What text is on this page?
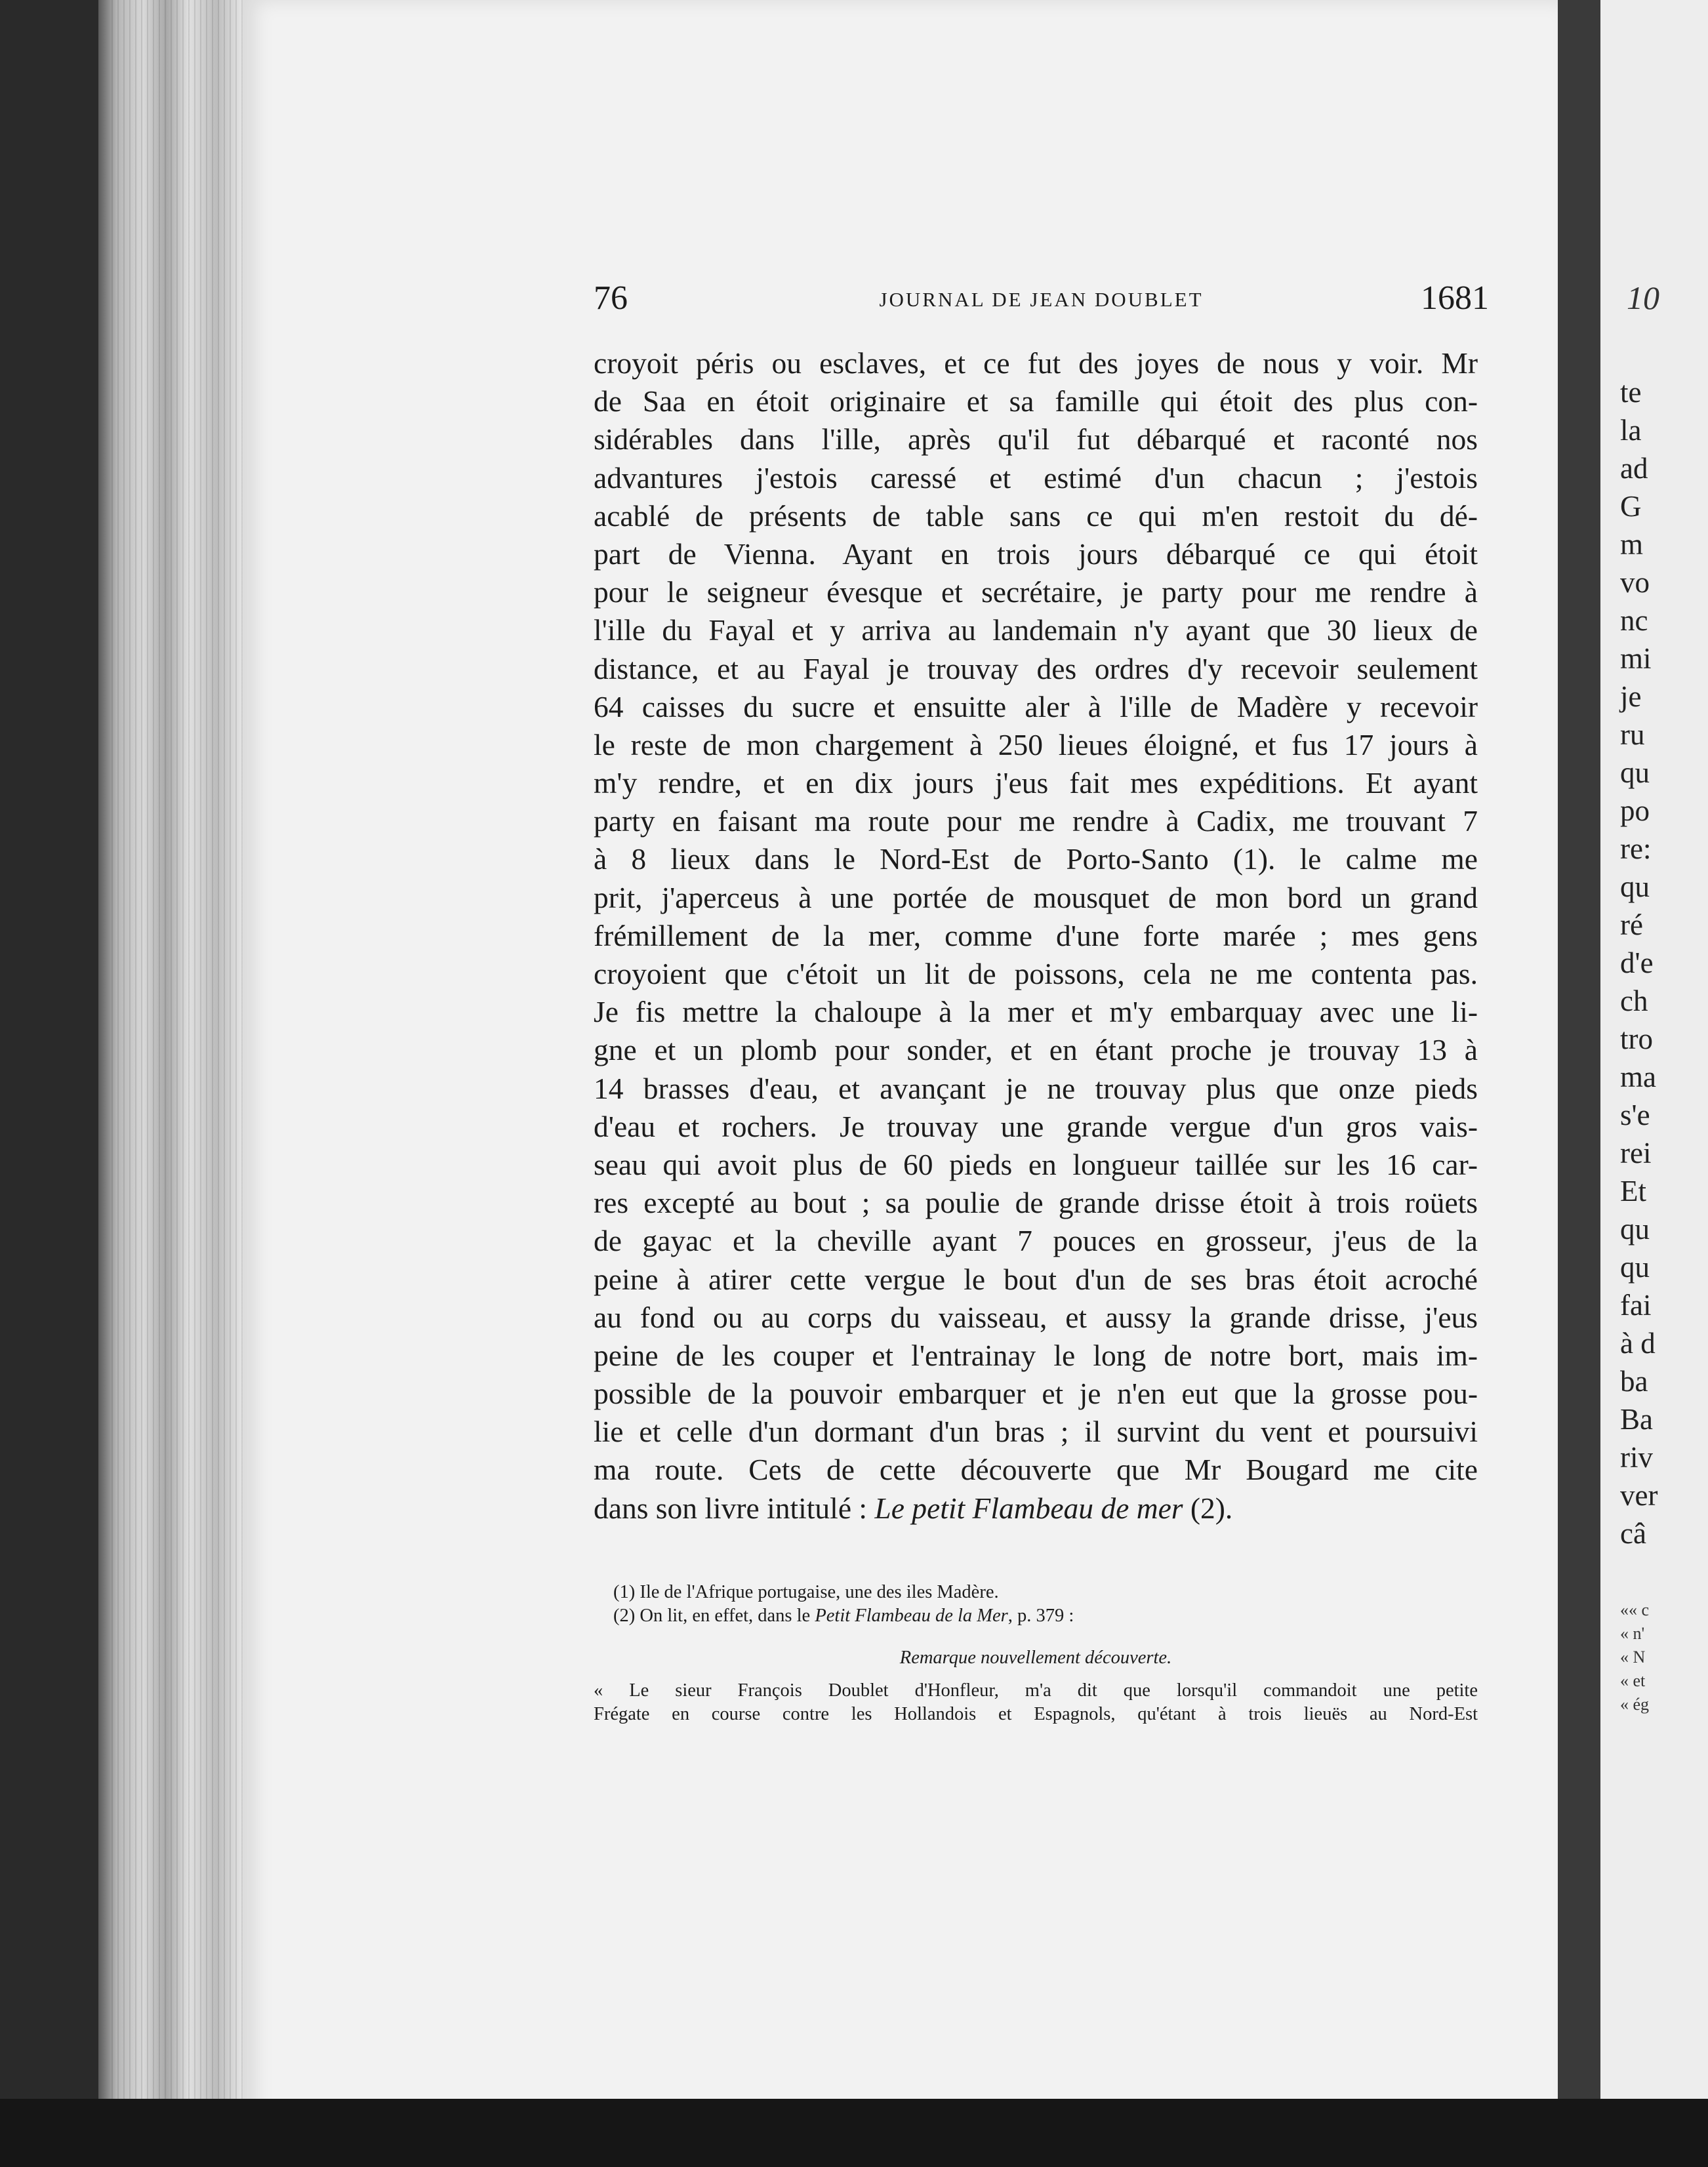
76	JOURNAL DE JEAN DOUBLET	1681
croyoit péris ou esclaves, et ce fut des joyes de nous y voir. Mr
de Saa en étoit originaire et sa famille qui étoit des plus con-
sidérables dans l'ille, après qu'il fut débarqué et raconté nos
advantures j'estois caressé et estimé d'un chacun ; j'estois
acablé de présents de table sans ce qui m'en restoit du dé-
part de Vienna. Ayant en trois jours débarqué ce qui étoit
pour le seigneur évesque et secrétaire, je party pour me rendre à
l'ille du Fayal et y arriva au landemain n'y ayant que 30 lieux de
distance, et au Fayal je trouvay des ordres d'y recevoir seulement
64 caisses du sucre et ensuitte aler à l'ille de Madère y recevoir
le reste de mon chargement à 250 lieues éloigné, et fus 17 jours à
m'y rendre, et en dix jours j'eus fait mes expéditions. Et ayant
party en faisant ma route pour me rendre à Cadix, me trouvant 7
à 8 lieux dans le Nord-Est de Porto-Santo (1). le calme me
prit, j'aperceus à une portée de mousquet de mon bord un grand
frémillement de la mer, comme d'une forte marée ; mes gens
croyoient que c'étoit un lit de poissons, cela ne me contenta pas.
Je fis mettre la chaloupe à la mer et m'y embarquay avec une li-
gne et un plomb pour sonder, et en étant proche je trouvay 13 à
14 brasses d'eau, et avançant je ne trouvay plus que onze pieds
d'eau et rochers. Je trouvay une grande vergue d'un gros vais-
seau qui avoit plus de 60 pieds en longueur taillée sur les 16 car-
res excepté au bout ; sa poulie de grande drisse étoit à trois roüets
de gayac et la cheville ayant 7 pouces en grosseur, j'eus de la
peine à atirer cette vergue le bout d'un de ses bras étoit acroché
au fond ou au corps du vaisseau, et aussy la grande drisse, j'eus
peine de les couper et l'entrainay le long de notre bort, mais im-
possible de la pouvoir embarquer et je n'en eut que la grosse pou-
lie et celle d'un dormant d'un bras ; il survint du vent et poursuivi
ma route. Cets de cette découverte que Mr Bougard me cite
dans son livre intitulé : Le petit Flambeau de mer (2).
(1) Ile de l'Afrique portugaise, une des iles Madère.
(2) On lit, en effet, dans le Petit Flambeau de la Mer, p. 379 :
Remarque nouvellement découverte.
« Le sieur François Doublet d'Honfleur, m'a dit que lorsqu'il commandoit une petite
Frégate en course contre les Hollandois et Espagnols, qu'étant à trois lieuës au Nord-Est
10
te
la
ad
G
m
vo
nc
mi
je
ru
qu
po
re:
qu
ré
d'e
ch
tro
ma
s'e
rei
Et
qu
qu
fai
à d
ba
Ba
riv
ver
câ
«« c
« n'
« N
« et
« ég
